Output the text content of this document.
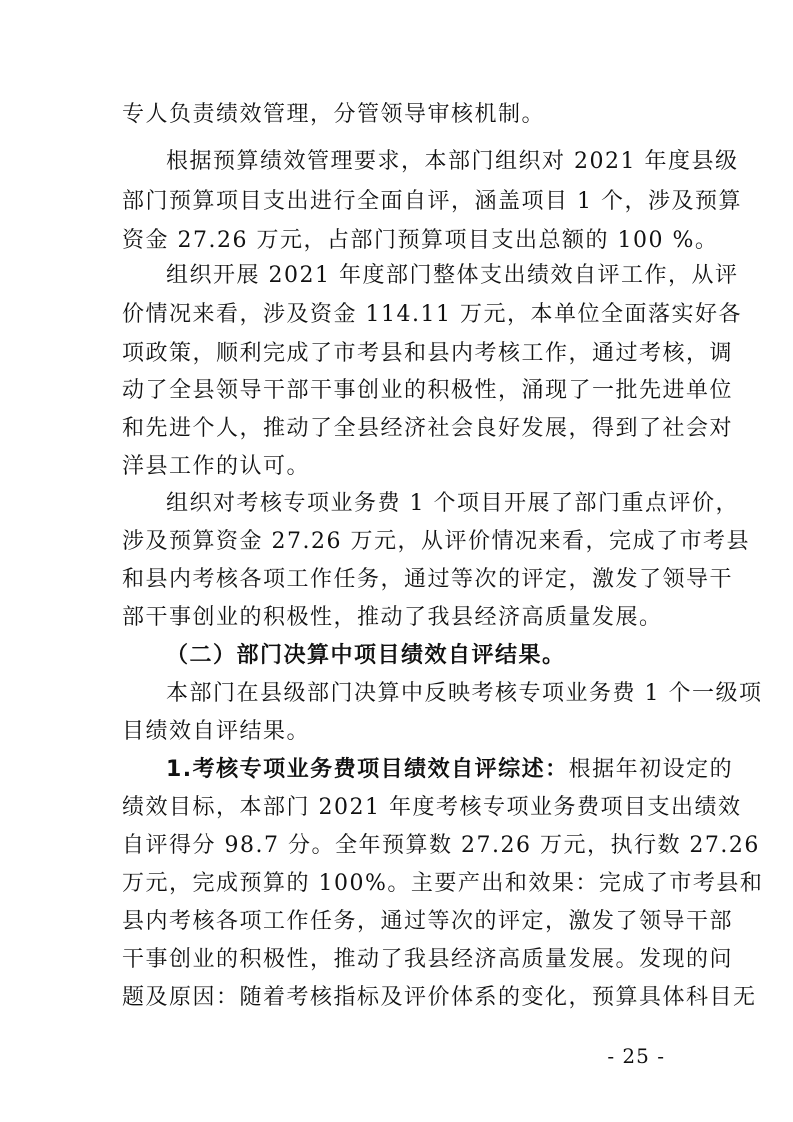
专人负责绩效管理，分管领导审核机制。
根据预算绩效管理要求，本部门组织对 2021 年度县级
部门预算项目支出进行全面自评，涵盖项目 1 个，涉及预算
资金 27.26 万元，占部门预算项目支出总额的 100 %。
组织开展 2021 年度部门整体支出绩效自评工作，从评
价情况来看，涉及资金 114.11 万元，本单位全面落实好各
项政策，顺利完成了市考县和县内考核工作，通过考核，调
动了全县领导干部干事创业的积极性，涌现了一批先进单位
和先进个人，推动了全县经济社会良好发展，得到了社会对
洋县工作的认可。
组织对考核专项业务费 1 个项目开展了部门重点评价，
涉及预算资金 27.26 万元，从评价情况来看，完成了市考县
和县内考核各项工作任务，通过等次的评定，激发了领导干
部干事创业的积极性，推动了我县经济高质量发展。
（二）部门决算中项目绩效自评结果。
本部门在县级部门决算中反映考核专项业务费 1 个一级项
目绩效自评结果。
1.考核专项业务费项目绩效自评综述：根据年初设定的
绩效目标，本部门 2021 年度考核专项业务费项目支出绩效
自评得分 98.7 分。全年预算数 27.26 万元，执行数 27.26
万元，完成预算的 100%。主要产出和效果：完成了市考县和
县内考核各项工作任务，通过等次的评定，激发了领导干部
干事创业的积极性，推动了我县经济高质量发展。发现的问
题及原因：随着考核指标及评价体系的变化，预算具体科目无
- 25 -
